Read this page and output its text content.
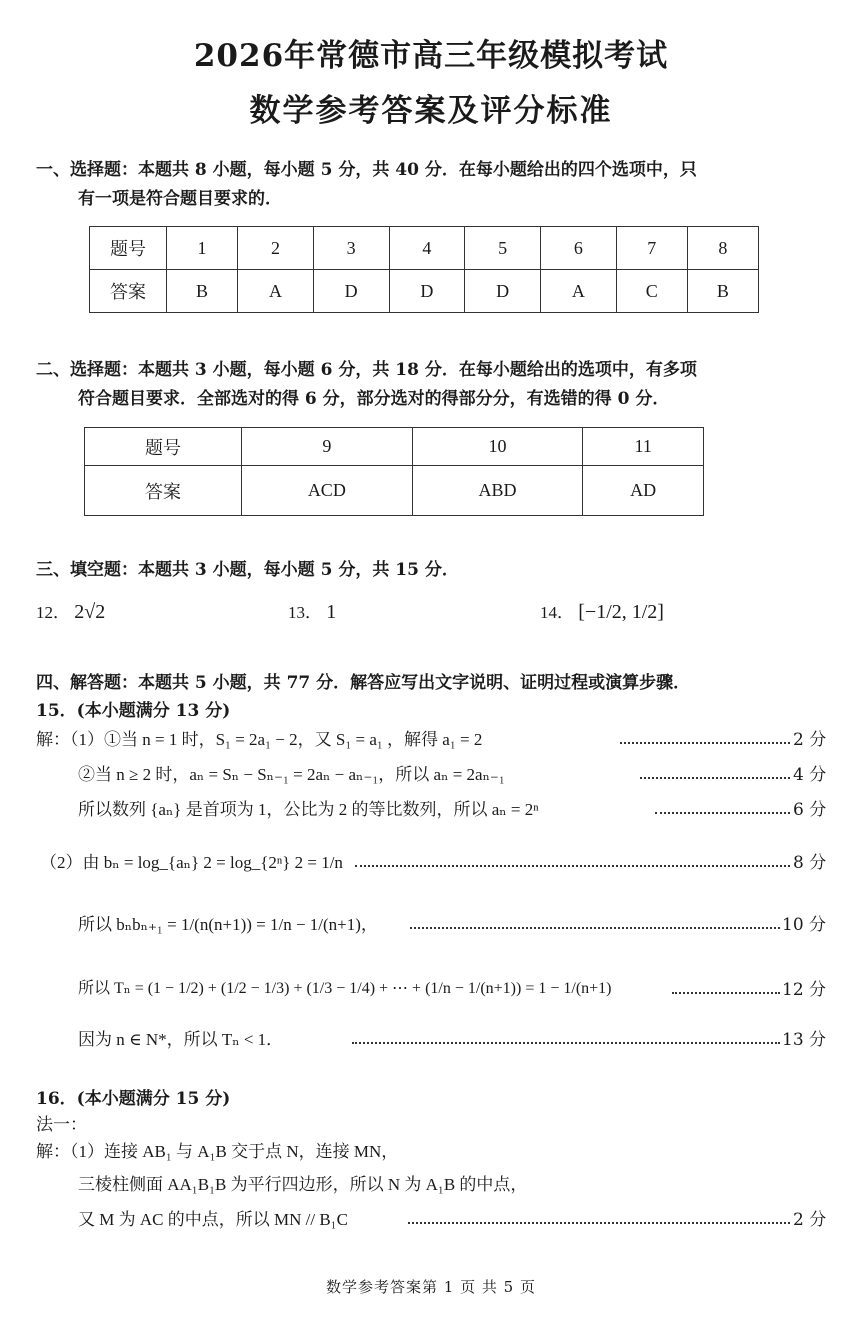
2026年常德市高三年级模拟考试
数学参考答案及评分标准
一、选择题：本题共 8 小题，每小题 5 分，共 40 分．在每小题给出的四个选项中，只
有一项是符合题目要求的．
题号	1	2	3	4	5	6	7	8
答案	B	A	D	D	D	A	C	B
二、选择题：本题共 3 小题，每小题 6 分，共 18 分．在每小题给出的选项中，有多项
符合题目要求．全部选对的得 6 分，部分选对的得部分分，有选错的得 0 分．
题号	9	10	11
答案	ACD	ABD	AD
三、填空题：本题共 3 小题，每小题 5 分，共 15 分．
12． 2√2	13． 1	14． [−1/2, 1/2]
四、解答题：本题共 5 小题，共 77 分．解答应写出文字说明、证明过程或演算步骤．
15．(本小题满分 13 分)
解：（1）①当 n = 1 时，S₁ = 2a₁ − 2，又 S₁ = a₁ ，解得 a₁ = 2	2 分
②当 n ≥ 2 时，aₙ = Sₙ − Sₙ₋₁ = 2aₙ − aₙ₋₁，所以 aₙ = 2aₙ₋₁	4 分
所以数列 {aₙ} 是首项为 1，公比为 2 的等比数列，所以 aₙ = 2ⁿ	6 分
（2）由 bₙ = log_{aₙ} 2 = log_{2ⁿ} 2 = 1/n	8 分
所以 bₙbₙ₊₁ = 1/(n(n+1)) = 1/n − 1/(n+1)，	10 分
所以 Tₙ = (1 − 1/2) + (1/2 − 1/3) + (1/3 − 1/4) + ⋯ + (1/n − 1/(n+1)) = 1 − 1/(n+1)	12 分
因为 n ∈ N*，所以 Tₙ < 1．	13 分
16．(本小题满分 15 分)
法一：
解：（1）连接 AB₁ 与 A₁B 交于点 N，连接 MN，
三棱柱侧面 AA₁B₁B 为平行四边形，所以 N 为 A₁B 的中点，
又 M 为 AC 的中点，所以 MN // B₁C	2 分
数学参考答案第 1 页 共 5 页
